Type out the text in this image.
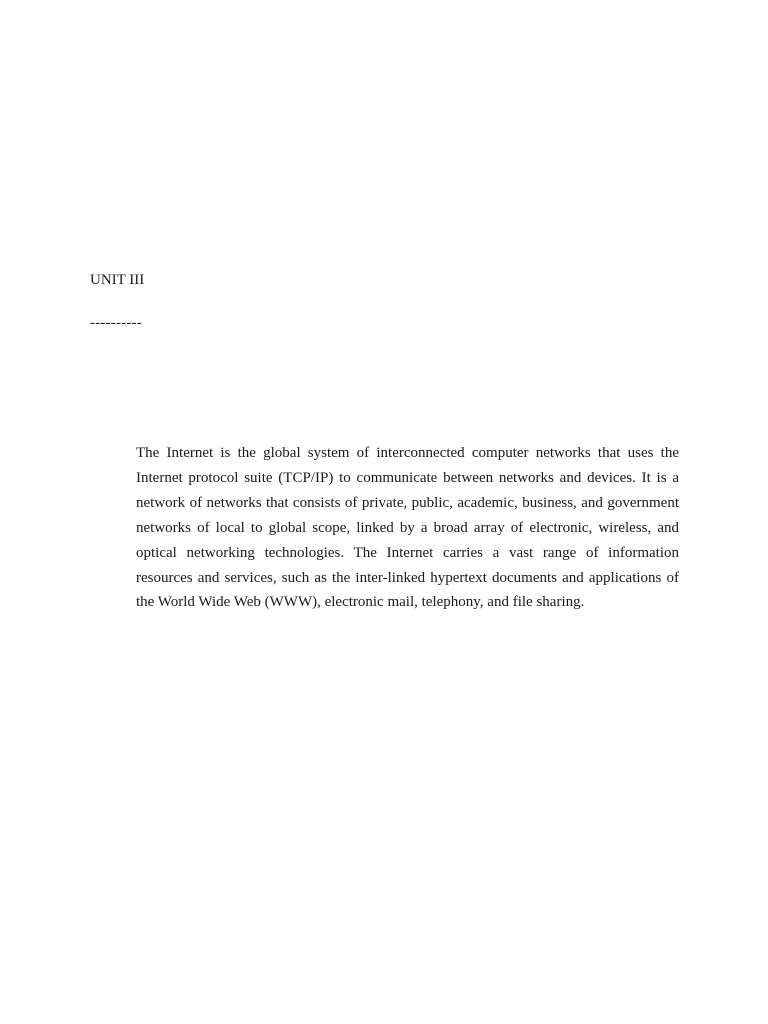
UNIT III
----------

The Internet is the global system of interconnected computer networks that uses the Internet protocol suite (TCP/IP) to communicate between networks and devices. It is a network of networks that consists of private, public, academic, business, and government networks of local to global scope, linked by a broad array of electronic, wireless, and optical networking technologies. The Internet carries a vast range of information resources and services, such as the inter-linked hypertext documents and applications of the World Wide Web (WWW), electronic mail, telephony, and file sharing.
